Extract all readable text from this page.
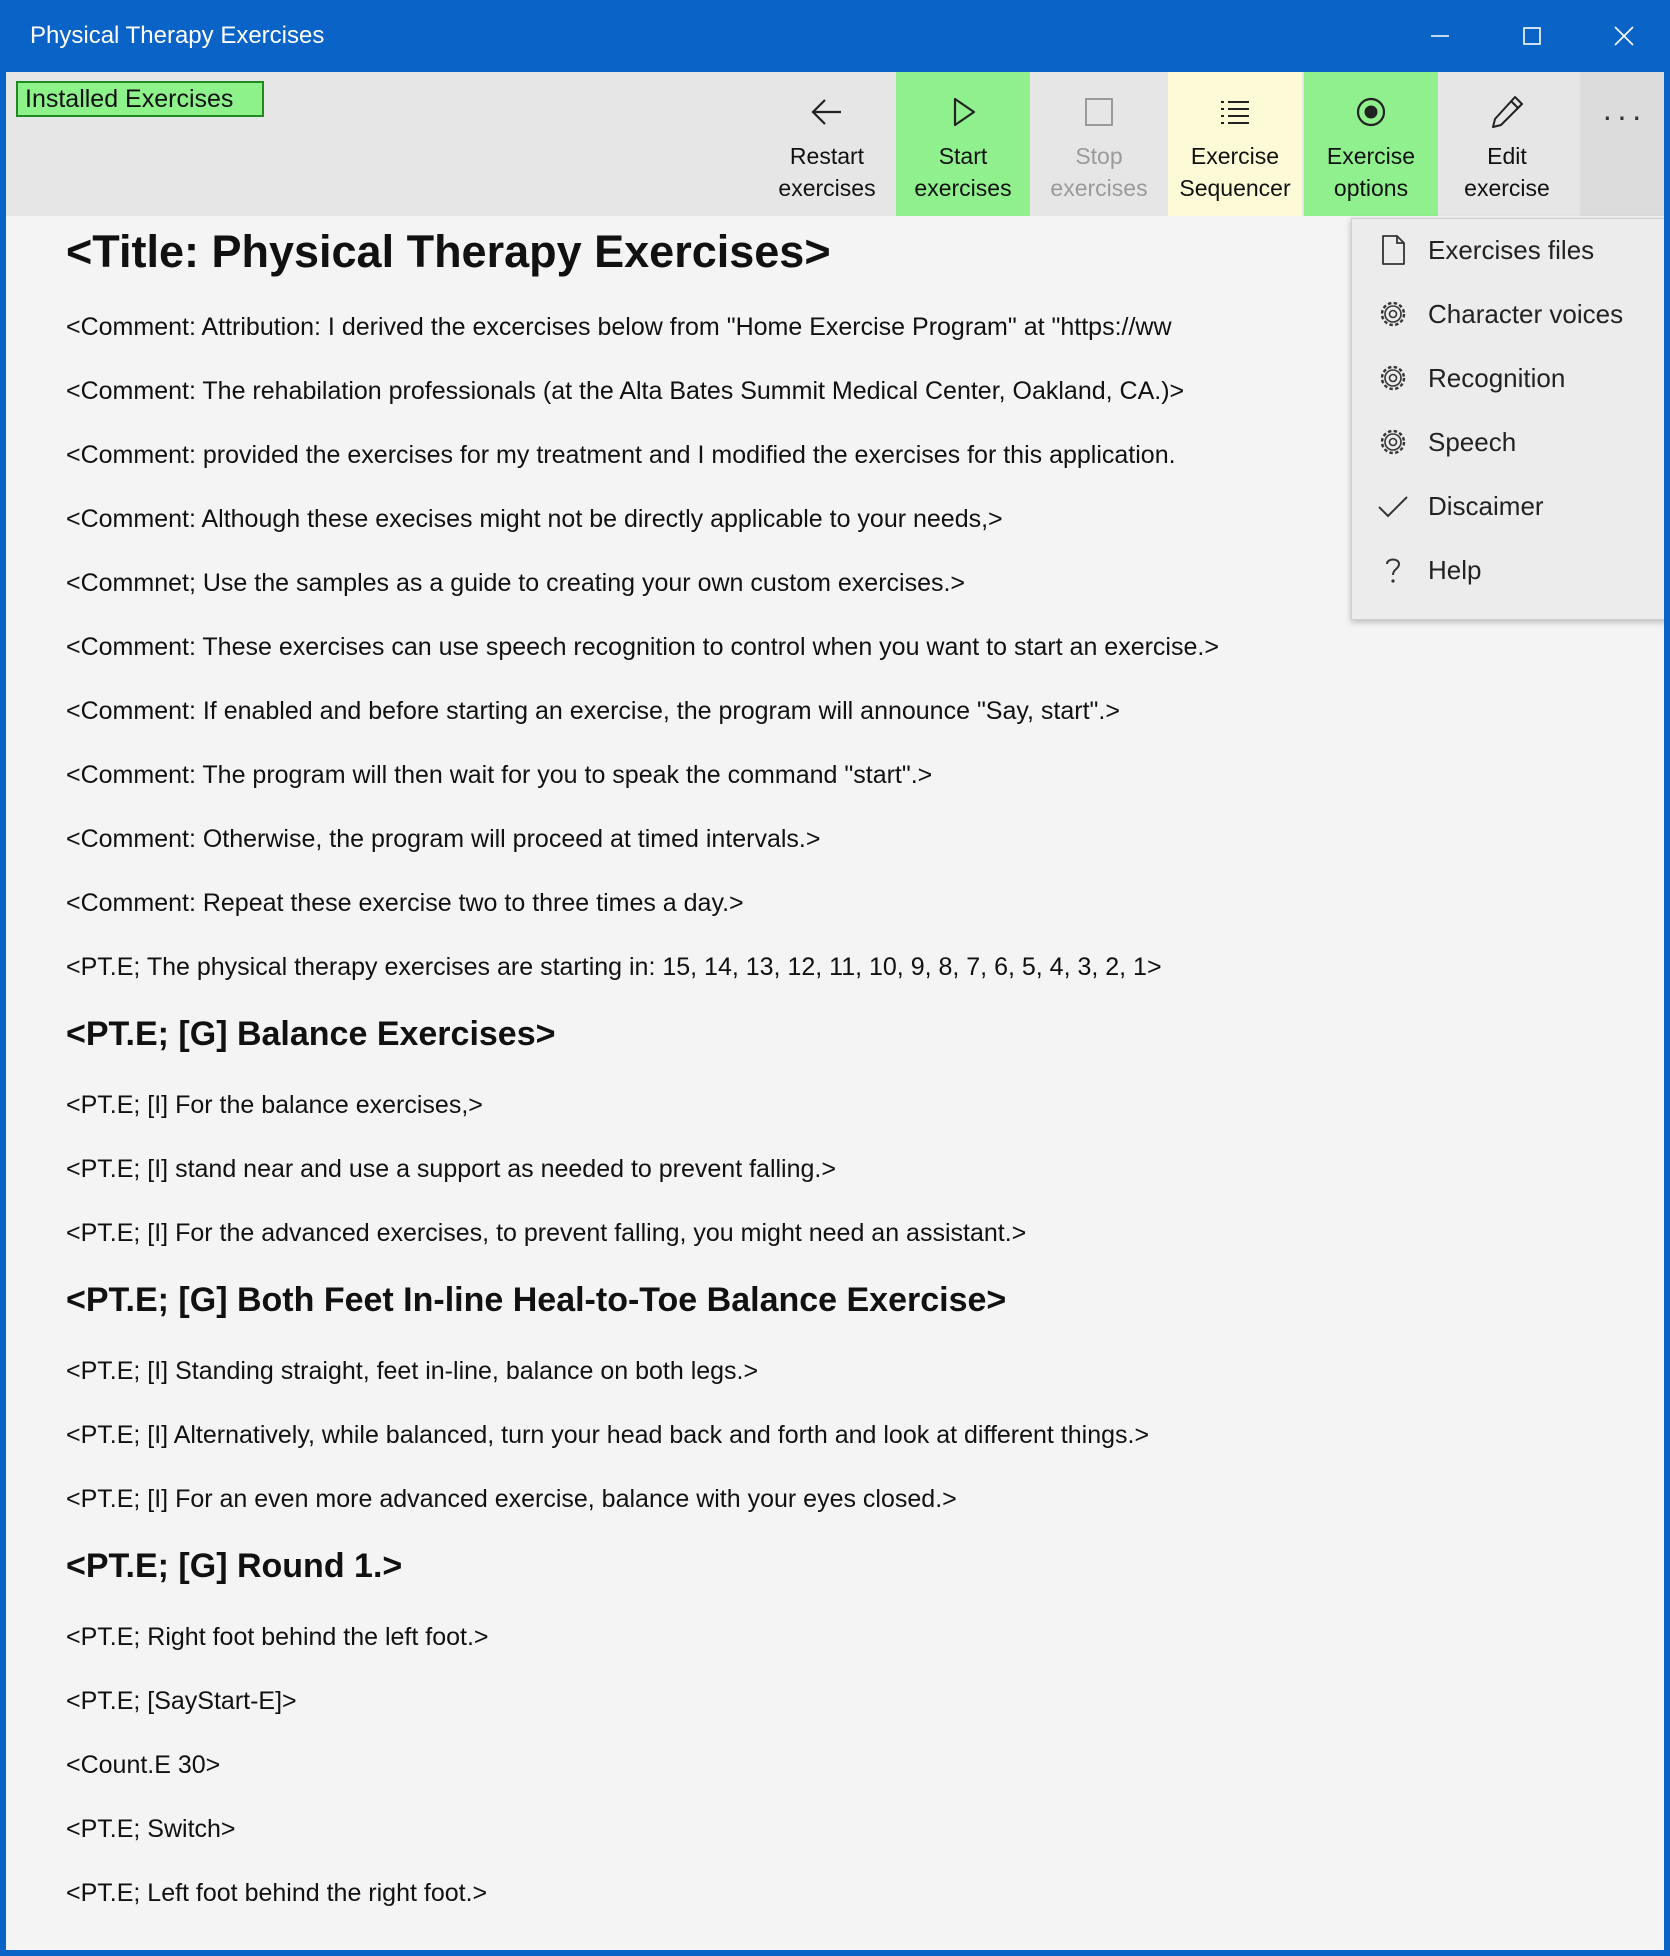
Physical Therapy Exercises
Installed Exercises
Restart
exercises
Start
exercises
Stop
exercises
Exercise
Sequencer
Exercise
options
Edit
exercise
···
<Title: Physical Therapy Exercises>
<Comment: Attribution: I derived the excercises below from "Home Exercise Program" at "https://ww
<Comment: The rehabilation professionals (at the Alta Bates Summit Medical Center, Oakland, CA.)>
<Comment: provided the exercises for my treatment and I modified the exercises for this application.
<Comment: Although these execises might not be directly applicable to your needs,>
<Commnet; Use the samples as a guide to creating your own custom exercises.>
<Comment: These exercises can use speech recognition to control when you want to start an exercise.>
<Comment: If enabled and before starting an exercise, the program will announce "Say, start".>
<Comment: The program will then wait for you to speak the command "start".>
<Comment: Otherwise, the program will proceed at timed intervals.>
<Comment: Repeat these exercise two to three times a day.>
<PT.E; The physical therapy exercises are starting in: 15, 14, 13, 12, 11, 10, 9, 8, 7, 6, 5, 4, 3, 2, 1>
<PT.E; [G] Balance Exercises>
<PT.E; [I] For the balance exercises,>
<PT.E; [I] stand near and use a support as needed to prevent falling.>
<PT.E; [I] For the advanced exercises, to prevent falling, you might need an assistant.>
<PT.E; [G] Both Feet In-line Heal-to-Toe Balance Exercise>
<PT.E; [I] Standing straight, feet in-line, balance on both legs.>
<PT.E; [I] Alternatively, while balanced, turn your head back and forth and look at different things.>
<PT.E; [I] For an even more advanced exercise, balance with your eyes closed.>
<PT.E; [G] Round 1.>
<PT.E; Right foot behind the left foot.>
<PT.E; [SayStart-E]>
<Count.E 30>
<PT.E; Switch>
<PT.E; Left foot behind the right foot.>
Exercises files
Character voices
Recognition
Speech
Discaimer
Help
